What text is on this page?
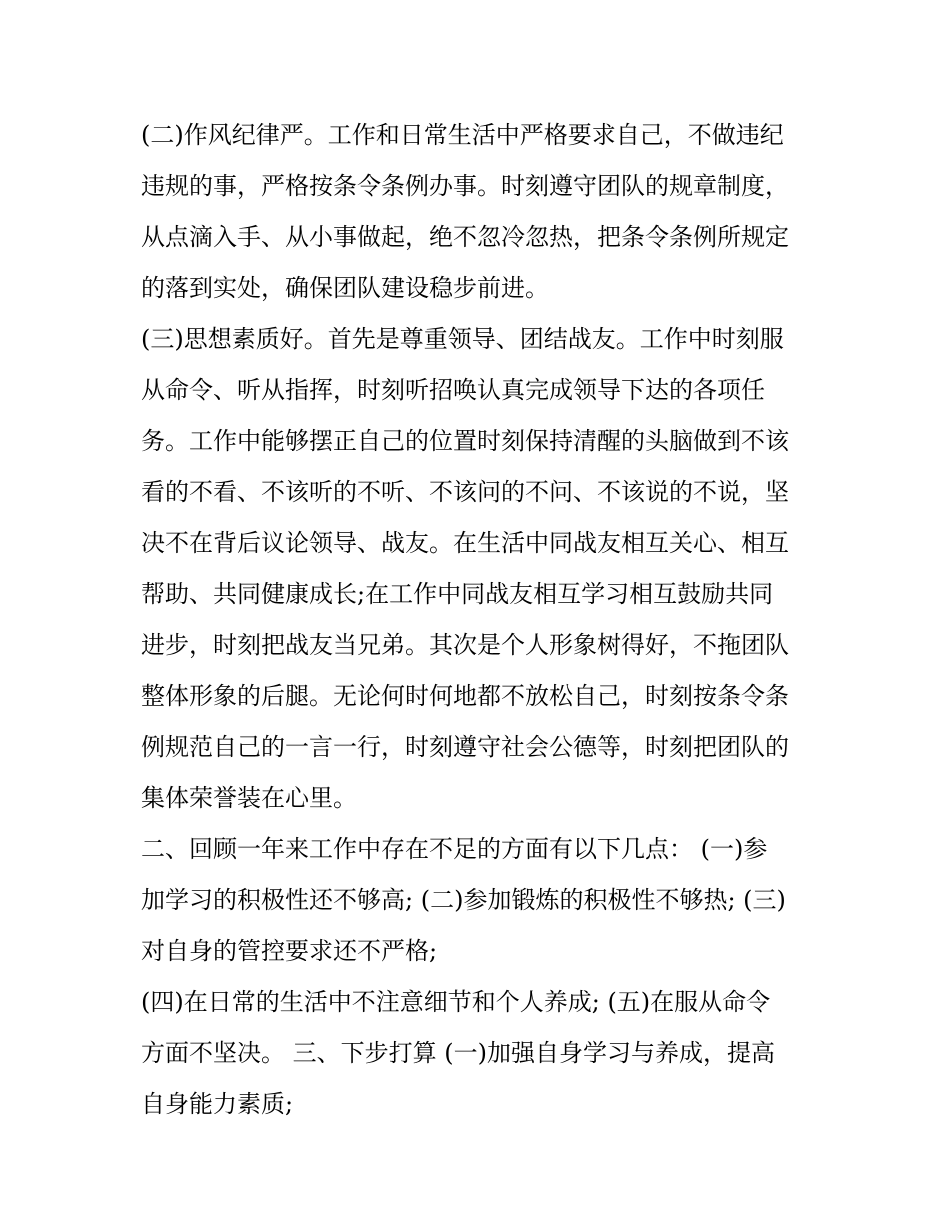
(二)作风纪律严。工作和日常生活中严格要求自己，不做违纪
违规的事，严格按条令条例办事。时刻遵守团队的规章制度，
从点滴入手、从小事做起，绝不忽冷忽热，把条令条例所规定
的落到实处，确保团队建设稳步前进。
(三)思想素质好。首先是尊重领导、团结战友。工作中时刻服
从命令、听从指挥，时刻听招唤认真完成领导下达的各项任
务。工作中能够摆正自己的位置时刻保持清醒的头脑做到不该
看的不看、不该听的不听、不该问的不问、不该说的不说，坚
决不在背后议论领导、战友。在生活中同战友相互关心、相互
帮助、共同健康成长;在工作中同战友相互学习相互鼓励共同
进步，时刻把战友当兄弟。其次是个人形象树得好，不拖团队
整体形象的后腿。无论何时何地都不放松自己，时刻按条令条
例规范自己的一言一行，时刻遵守社会公德等，时刻把团队的
集体荣誉装在心里。
二、回顾一年来工作中存在不足的方面有以下几点： (一)参
加学习的积极性还不够高; (二)参加锻炼的积极性不够热; (三)
对自身的管控要求还不严格;
(四)在日常的生活中不注意细节和个人养成; (五)在服从命令
方面不坚决。 三、下步打算 (一)加强自身学习与养成，提高
自身能力素质;
